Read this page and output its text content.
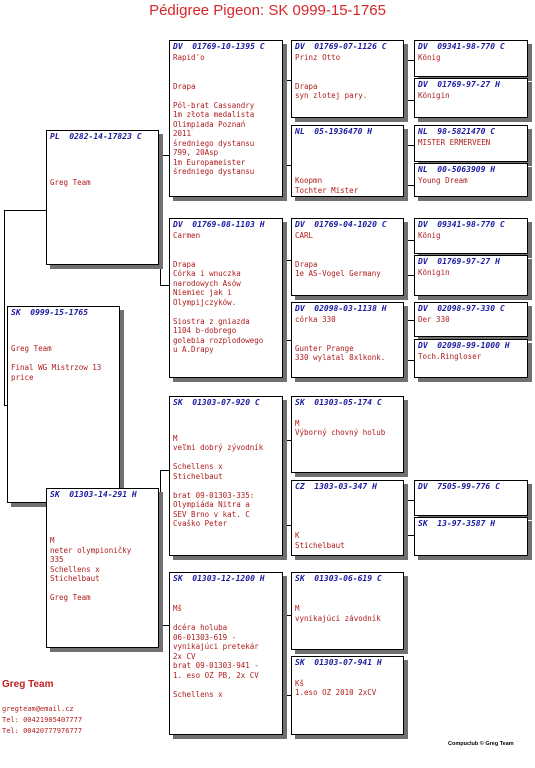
Pédigree Pigeon: SK 0999-15-1765
SK  0999-15-1765
Greg Team

Final WG Mistrzow 13
price
PL  0282-14-17823 C
Greg Team
SK  01303-14-291 H
M
neter olympioničky
335
Schellens x
Stichelbaut

Greg Team
DV  01769-10-1395 C
Rapid'o

Drapa

Pól-brat Cassandry
1m złota medalista
Olimpiada Poznań
2011
średniego dystansu
799, 20Asp
1m Europameister
średniego dystansu
DV  01769-08-1103 H
Carmen

Drapa
Córka i wnuczka
narodowych Asów
Niemiec jak i
Olympijczyków.

Siostra z gniazda
1104 b-dobrego
golebia rozplodowego
u A.Drapy
SK  01303-07-920 C

M
veľmi dobrý zývodník

Schellens x
Stichelbaut

brat 09-01303-335:
Olympiáda Nitra a
SEV Brno v kat. C
Cvaško Peter
SK  01303-12-1200 H

Mš

dcéra holuba
06-01303-619 -
vynikajúci pretekár
2x CV
brat 09-01303-941 -
1. eso OZ PB, 2x CV

Schellens x
DV  01769-07-1126 C
Prinz Otto

Drapa
syn zlotej pary.
NL  05-1936470 H

Koopmn
Tochter Mister
DV  01769-04-1020 C
CARL

Drapa
1e AS-Vogel Germany
DV  02098-03-1138 H
córka 330

Gunter Prange
330 wylatal 8xlkonk.
SK  01303-05-174 C

M
Výborný chovný holub
CZ  1303-03-347 H

K
Stichelbaut
SK  01303-06-619 C

M
vynikajúci závodník
SK  01303-07-941 H

Kš
1.eso OZ 2010 2xCV
DV  09341-98-770 C
König
DV  01769-97-27 H
Königin
NL  98-5821470 C
MISTER ERMERVEEN
NL  00-5063909 H
Young Dream
DV  09341-98-770 C
König
DV  01769-97-27 H
Königin
DV  02098-97-330 C
Der 330
DV  02098-99-1000 H
Toch.Ringloser
DV  7505-99-776 C
SK  13-97-3587 H
Greg Team
gregteam@email.cz
Tel: 00421905407777
Tel: 00420777976777
Compuclub © Greg Team
